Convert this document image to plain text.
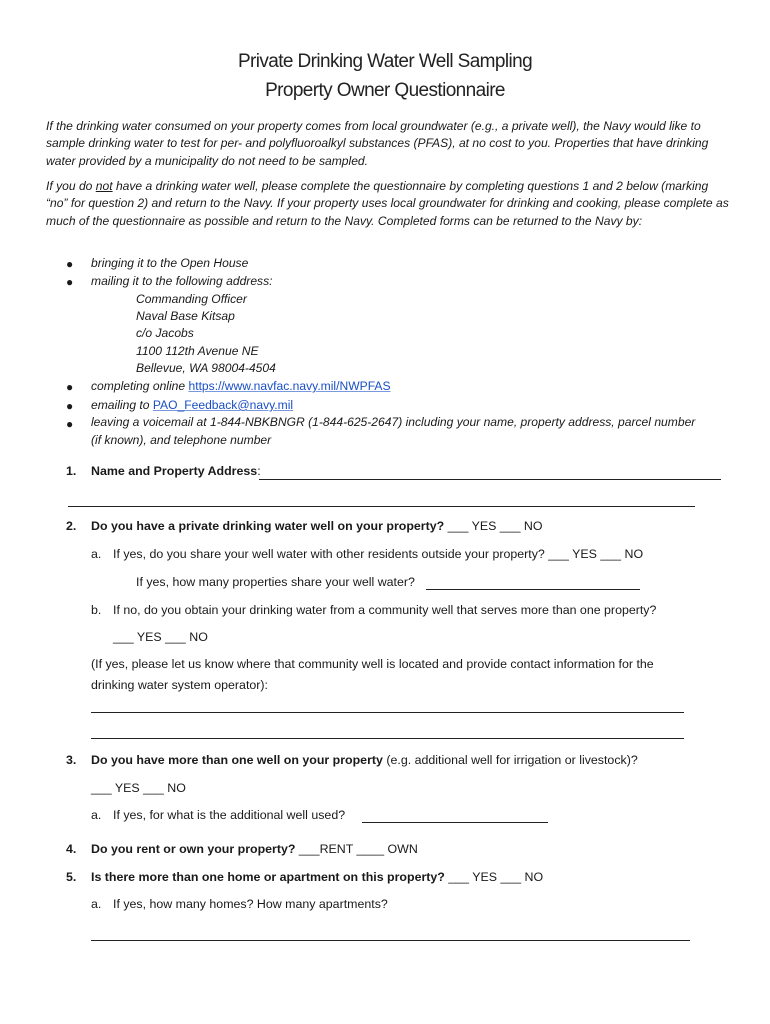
Private Drinking Water Well Sampling
Property Owner Questionnaire
If the drinking water consumed on your property comes from local groundwater (e.g., a private well), the Navy would like to sample drinking water to test for per- and polyfluoroalkyl substances (PFAS), at no cost to you. Properties that have drinking water provided by a municipality do not need to be sampled.
If you do not have a drinking water well, please complete the questionnaire by completing questions 1 and 2 below (marking “no” for question 2) and return to the Navy. If your property uses local groundwater for drinking and cooking, please complete as much of the questionnaire as possible and return to the Navy. Completed forms can be returned to the Navy by:
● bringing it to the Open House
● mailing it to the following address:
Commanding Officer
Naval Base Kitsap
c/o Jacobs
1100 112th Avenue NE
Bellevue, WA 98004-4504
● completing online https://www.navfac.navy.mil/NWPFAS
● emailing to PAO_Feedback@navy.mil
● leaving a voicemail at 1-844-NBKBNGR (1-844-625-2647) including your name, property address, parcel number
(if known), and telephone number
1. Name and Property Address:
2. Do you have a private drinking water well on your property? ___ YES ___ NO
a. If yes, do you share your well water with other residents outside your property? ___ YES ___ NO
If yes, how many properties share your well water?
b. If no, do you obtain your drinking water from a community well that serves more than one property?
___ YES ___ NO
(If yes, please let us know where that community well is located and provide contact information for the
drinking water system operator):
3. Do you have more than one well on your property (e.g. additional well for irrigation or livestock)?
___ YES ___ NO
a. If yes, for what is the additional well used?
4. Do you rent or own your property? ___RENT ____ OWN
5. Is there more than one home or apartment on this property? ___ YES ___ NO
a. If yes, how many homes? How many apartments?
